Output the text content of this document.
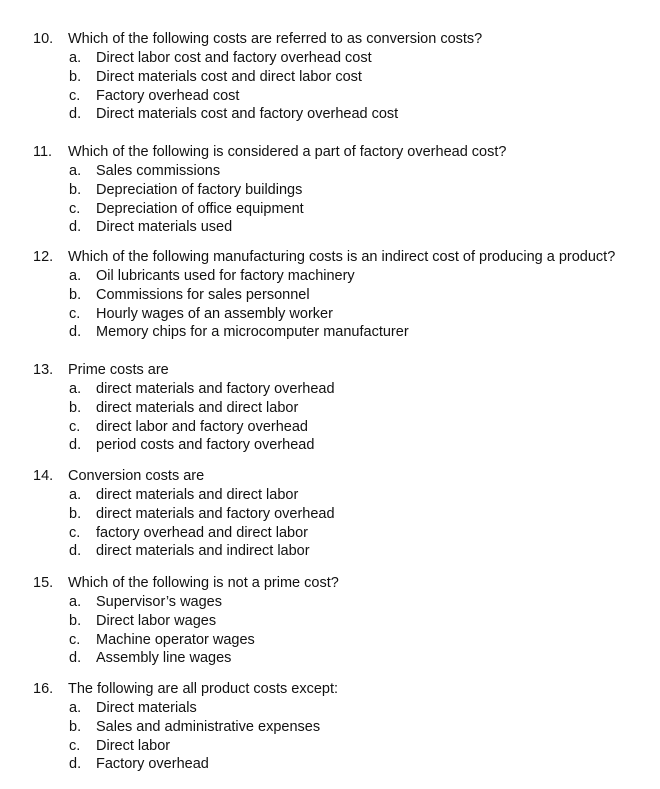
10. Which of the following costs are referred to as conversion costs?
a. Direct labor cost and factory overhead cost
b. Direct materials cost and direct labor cost
c. Factory overhead cost
d. Direct materials cost and factory overhead cost
11. Which of the following is considered a part of factory overhead cost?
a. Sales commissions
b. Depreciation of factory buildings
c. Depreciation of office equipment
d. Direct materials used
12. Which of the following manufacturing costs is an indirect cost of producing a product?
a. Oil lubricants used for factory machinery
b. Commissions for sales personnel
c. Hourly wages of an assembly worker
d. Memory chips for a microcomputer manufacturer
13. Prime costs are
a. direct materials and factory overhead
b. direct materials and direct labor
c. direct labor and factory overhead
d. period costs and factory overhead
14. Conversion costs are
a. direct materials and direct labor
b. direct materials and factory overhead
c. factory overhead and direct labor
d. direct materials and indirect labor
15. Which of the following is not a prime cost?
a. Supervisor’s wages
b. Direct labor wages
c. Machine operator wages
d. Assembly line wages
16. The following are all product costs except:
a. Direct materials
b. Sales and administrative expenses
c. Direct labor
d. Factory overhead
